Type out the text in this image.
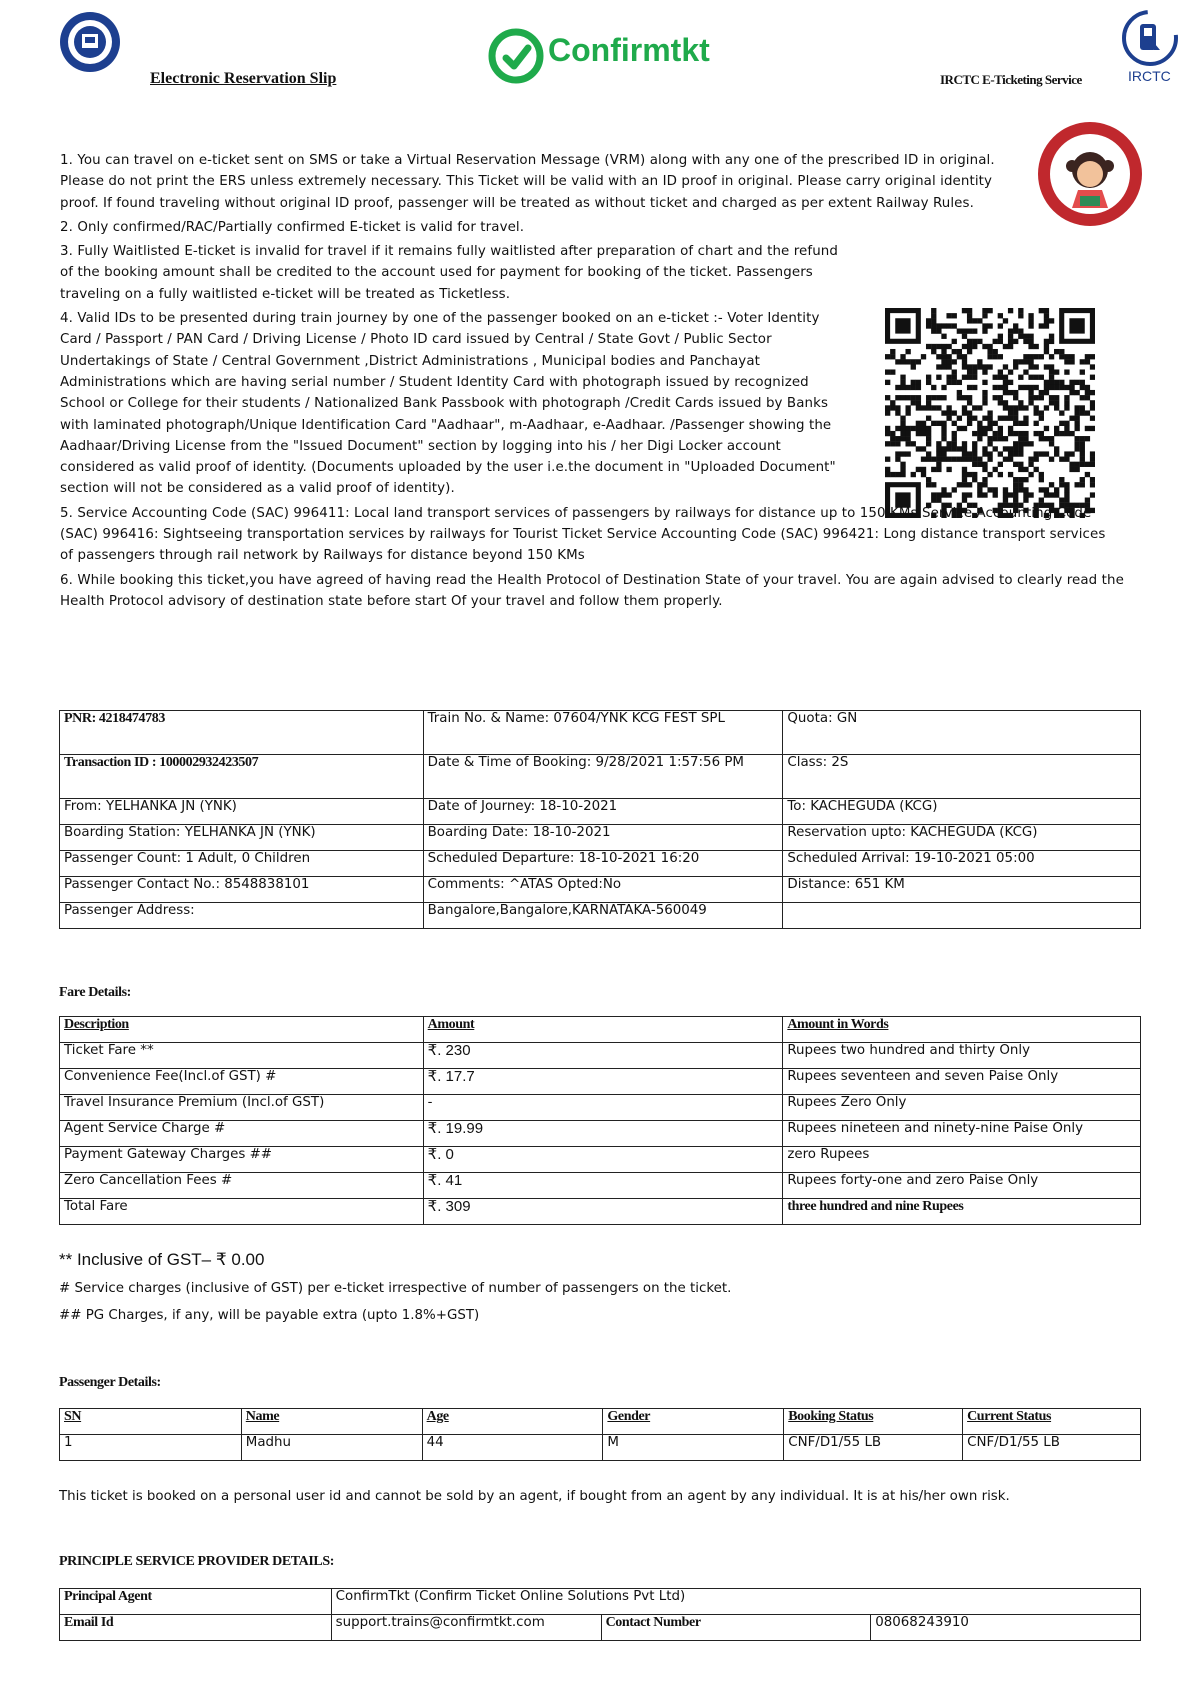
Electronic Reservation Slip
Confirmtkt
IRCTC E-Ticketing Service	IRCTC

1. You can travel on e-ticket sent on SMS or take a Virtual Reservation Message (VRM) along with any one of the prescribed ID in original. Please do not print the ERS unless extremely necessary. This Ticket will be valid with an ID proof in original. Please carry original identity proof. If found traveling without original ID proof, passenger will be treated as without ticket and charged as per extent Railway Rules.

2. Only confirmed/RAC/Partially confirmed E-ticket is valid for travel.

3. Fully Waitlisted E-ticket is invalid for travel if it remains fully waitlisted after preparation of chart and the refund of the booking amount shall be credited to the account used for payment for booking of the ticket. Passengers traveling on a fully waitlisted e-ticket will be treated as Ticketless.

4. Valid IDs to be presented during train journey by one of the passenger booked on an e-ticket :- Voter Identity Card / Passport / PAN Card / Driving License / Photo ID card issued by Central / State Govt / Public Sector Undertakings of State / Central Government ,District Administrations , Municipal bodies and Panchayat Administrations which are having serial number / Student Identity Card with photograph issued by recognized School or College for their students / Nationalized Bank Passbook with photograph /Credit Cards issued by Banks with laminated photograph/Unique Identification Card "Aadhaar", m-Aadhaar, e-Aadhaar. /Passenger showing the Aadhaar/Driving License from the "Issued Document" section by logging into his / her Digi Locker account considered as valid proof of identity. (Documents uploaded by the user i.e.the document in "Uploaded Document" section will not be considered as a valid proof of identity).

5. Service Accounting Code (SAC) 996411: Local land transport services of passengers by railways for distance up to 150 KMs Service Accounting Code (SAC) 996416: Sightseeing transportation services by railways for Tourist Ticket Service Accounting Code (SAC) 996421: Long distance transport services of passengers through rail network by Railways for distance beyond 150 KMs

6. While booking this ticket,you have agreed of having read the Health Protocol of Destination State of your travel. You are again advised to clearly read the Health Protocol advisory of destination state before start Of your travel and follow them properly.

PNR: 4218474783	Train No. & Name: 07604/YNK KCG FEST SPL	Quota: GN
Transaction ID : 100002932423507	Date & Time of Booking: 9/28/2021 1:57:56 PM	Class: 2S
From: YELHANKA JN (YNK)	Date of Journey: 18-10-2021	To: KACHEGUDA (KCG)
Boarding Station: YELHANKA JN (YNK)	Boarding Date: 18-10-2021	Reservation upto: KACHEGUDA (KCG)
Passenger Count: 1 Adult, 0 Children	Scheduled Departure: 18-10-2021 16:20	Scheduled Arrival: 19-10-2021 05:00
Passenger Contact No.: 8548838101	Comments: ^ATAS Opted:No	Distance: 651 KM
Passenger Address:	Bangalore,Bangalore,KARNATAKA-560049	
Fare Details:
Description	Amount	Amount in Words
Ticket Fare **	₹. 230	Rupees two hundred and thirty Only
Convenience Fee(Incl.of GST) #	₹. 17.7	Rupees seventeen and seven Paise Only
Travel Insurance Premium (Incl.of GST)	-	Rupees Zero Only
Agent Service Charge #	₹. 19.99	Rupees nineteen and ninety-nine Paise Only
Payment Gateway Charges ##	₹. 0	zero Rupees
Zero Cancellation Fees #	₹. 41	Rupees forty-one and zero Paise Only
Total Fare	₹. 309	three hundred and nine Rupees
** Inclusive of GST– ₹ 0.00
# Service charges (inclusive of GST) per e-ticket irrespective of number of passengers on the ticket.
## PG Charges, if any, will be payable extra (upto 1.8%+GST)
Passenger Details:
SN	Name	Age	Gender	Booking Status	Current Status
1	Madhu	44	M	CNF/D1/55 LB	CNF/D1/55 LB
This ticket is booked on a personal user id and cannot be sold by an agent, if bought from an agent by any individual. It is at his/her own risk.
PRINCIPLE SERVICE PROVIDER DETAILS:
Principal Agent	ConfirmTkt (Confirm Ticket Online Solutions Pvt Ltd)		
Email Id	support.trains@confirmtkt.com	Contact Number	08068243910
